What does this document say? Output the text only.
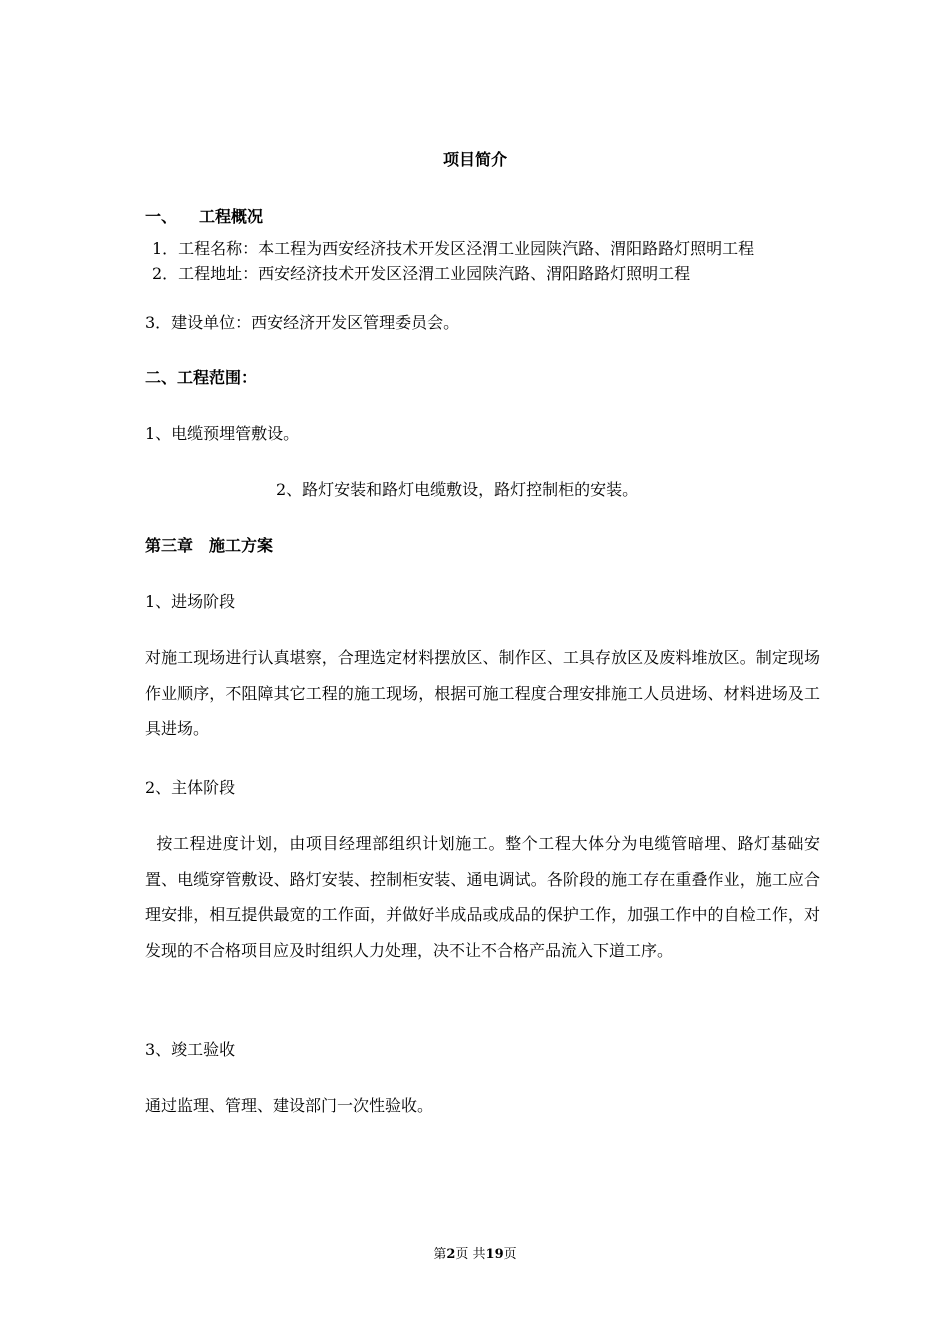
项目简介
一、 工程概况
1．工程名称：本工程为西安经济技术开发区泾渭工业园陕汽路、渭阳路路灯照明工程
2．工程地址：西安经济技术开发区泾渭工业园陕汽路、渭阳路路灯照明工程
3．建设单位：西安经济开发区管理委员会。
二、工程范围：
1、电缆预埋管敷设。
2、路灯安装和路灯电缆敷设，路灯控制柜的安装。
第三章　施工方案
1、进场阶段
对施工现场进行认真堪察，合理选定材料摆放区、制作区、工具存放区及废料堆放区。制定现场作业顺序，不阻障其它工程的施工现场，根据可施工程度合理安排施工人员进场、材料进场及工具进场。
2、主体阶段
按工程进度计划，由项目经理部组织计划施工。整个工程大体分为电缆管暗埋、路灯基础安置、电缆穿管敷设、路灯安装、控制柜安装、通电调试。各阶段的施工存在重叠作业，施工应合理安排，相互提供最宽的工作面，并做好半成品或成品的保护工作，加强工作中的自检工作，对发现的不合格项目应及时组织人力处理，决不让不合格产品流入下道工序。
3、竣工验收
通过监理、管理、建设部门一次性验收。
第2页 共19页
